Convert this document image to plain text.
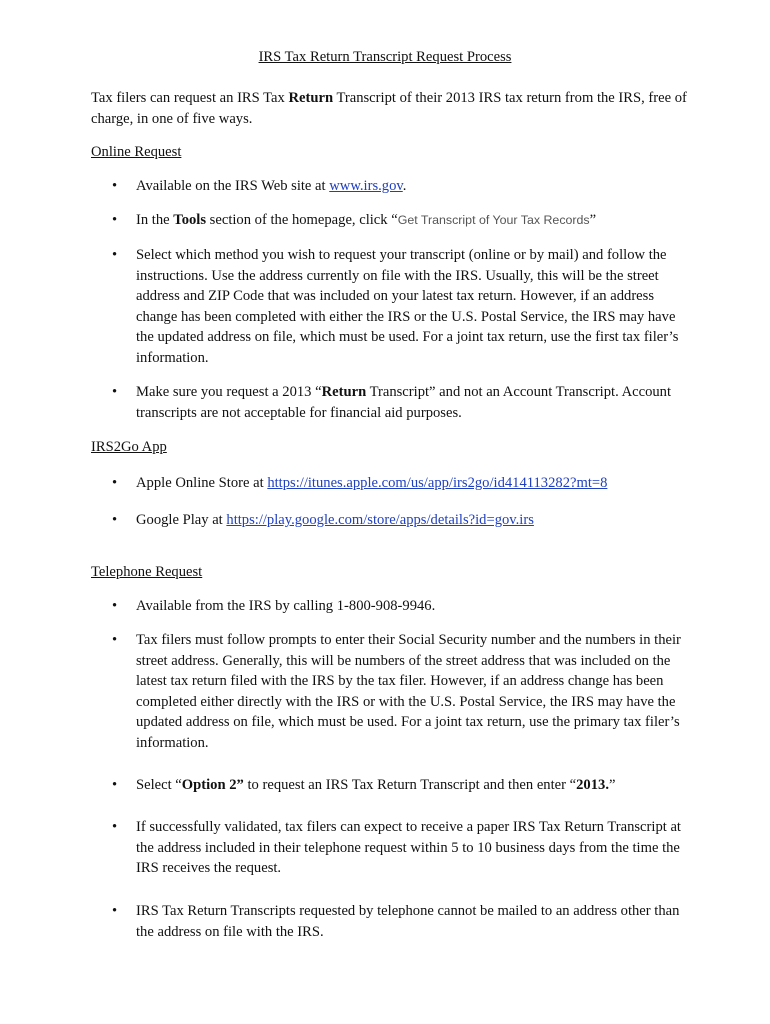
IRS Tax Return Transcript Request Process
Tax filers can request an IRS Tax Return Transcript of their 2013 IRS tax return from the IRS, free of charge, in one of five ways.
Online Request
•	Available on the IRS Web site at www.irs.gov.
•	In the Tools section of the homepage, click “Get Transcript of Your Tax Records”
•	Select which method you wish to request your transcript (online or by mail) and follow the instructions. Use the address currently on file with the IRS. Usually, this will be the street address and ZIP Code that was included on your latest tax return. However, if an address change has been completed with either the IRS or the U.S. Postal Service, the IRS may have the updated address on file, which must be used. For a joint tax return, use the first tax filer’s information.
•	Make sure you request a 2013 “Return Transcript” and not an Account Transcript. Account transcripts are not acceptable for financial aid purposes.
IRS2Go App
•	Apple Online Store at https://itunes.apple.com/us/app/irs2go/id414113282?mt=8
•	Google Play at https://play.google.com/store/apps/details?id=gov.irs
Telephone Request
•	Available from the IRS by calling 1-800-908-9946.
•	Tax filers must follow prompts to enter their Social Security number and the numbers in their street address. Generally, this will be numbers of the street address that was included on the latest tax return filed with the IRS by the tax filer. However, if an address change has been completed either directly with the IRS or with the U.S. Postal Service, the IRS may have the updated address on file, which must be used. For a joint tax return, use the primary tax filer’s information.
•	Select “Option 2” to request an IRS Tax Return Transcript and then enter “2013.”
•	If successfully validated, tax filers can expect to receive a paper IRS Tax Return Transcript at the address included in their telephone request within 5 to 10 business days from the time the IRS receives the request.
•	IRS Tax Return Transcripts requested by telephone cannot be mailed to an address other than the address on file with the IRS.
